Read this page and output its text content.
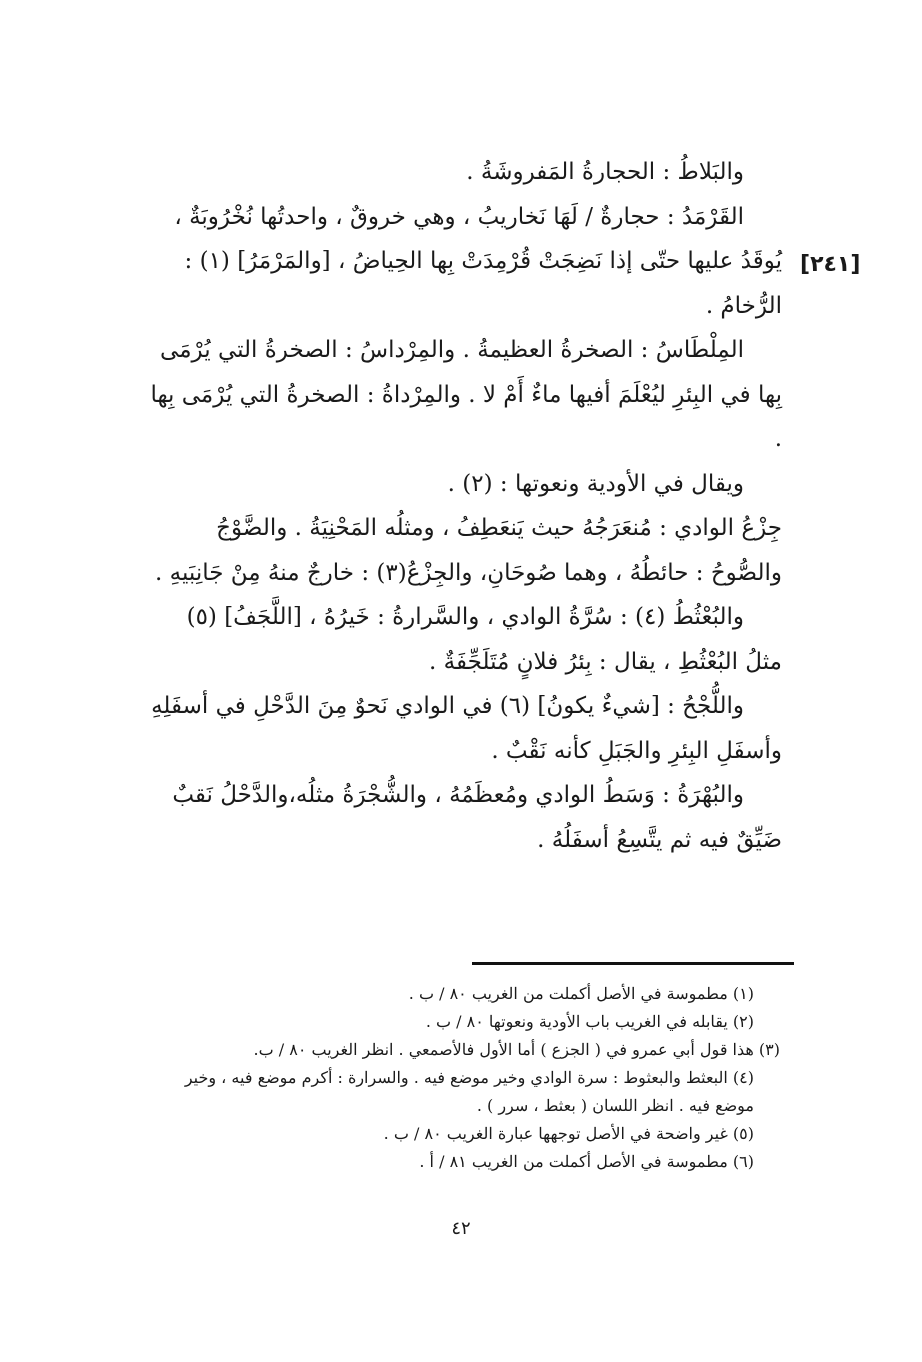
[٢٤١]

والبَلاطُ : الحجارةُ المَفروشَةُ .

القَرْمَدُ : حجارةٌ / لَهَا نَخاريبُ ، وهي خروقٌ ، واحدتُها نُخْرُوبَةٌ ، يُوقَدُ عليها حتّى إذا نَضِجَتْ قُرْمِدَتْ بِها الحِياضُ ، [والمَرْمَرُ] (١) : الرُّخامُ .

المِلْطَاسُ : الصخرةُ العظيمةُ . والمِرْداسُ : الصخرةُ التي يُرْمَى بِها في البِئرِ ليُعْلَمَ أفيها ماءٌ أَمْ لا . والمِرْداةُ : الصخرةُ التي يُرْمَى بِها .

ويقال في الأودية ونعوتها : (٢) .

جِزْعُ الوادي : مُنعَرَجُهُ حيث يَنعَطِفُ ، ومثلُه المَحْنِيَةُ . والضَّوْجُ والصُّوحُ : حائطُهُ ، وهما صُوحَانِ، والجِزْعُ(٣) : خارجٌ منهُ مِنْ جَانِبَيهِ .

والبُعْثُطُ (٤) : سُرَّةُ الوادي ، والسَّرارةُ : خَيرُهُ ، [اللَّجَفُ] (٥) مثلُ البُعْثُطِ ، يقال : بِئرُ فلانٍ مُتَلَجِّفَةٌ .

واللُّجْحُ : [شيءٌ يكونُ] (٦) في الوادي نَحوٌ مِنَ الدَّحْلِ في أسفَلِهِ وأسفَلِ البِئرِ والجَبَلِ كأنه نَقْبٌ .

والبُهْرَةُ : وَسَطُ الوادي ومُعظَمُهُ ، والشُّجْرَةُ مثلُه،والدَّحْلُ نَقبٌ ضَيِّقٌ فيه ثم يتَّسِعُ أسفَلُهُ .

(١) مطموسة في الأصل أكملت من الغريب ٨٠ / ب .

(٢) يقابله في الغريب باب الأودية ونعوتها ٨٠ / ب .

(٣) هذا قول أبي عمرو في ( الجزع ) أما الأول فالأصمعي . انظر الغريب ٨٠ / ب.

(٤) البعثط والبعثوط : سرة الوادي وخير موضع فيه . والسرارة : أكرم موضع فيه ، وخير موضع فيه . انظر اللسان ( بعثط ، سرر ) .

(٥) غير واضحة في الأصل توجهها عبارة الغريب ٨٠ / ب .

(٦) مطموسة في الأصل أكملت من الغريب ٨١ / أ .

٤٢
